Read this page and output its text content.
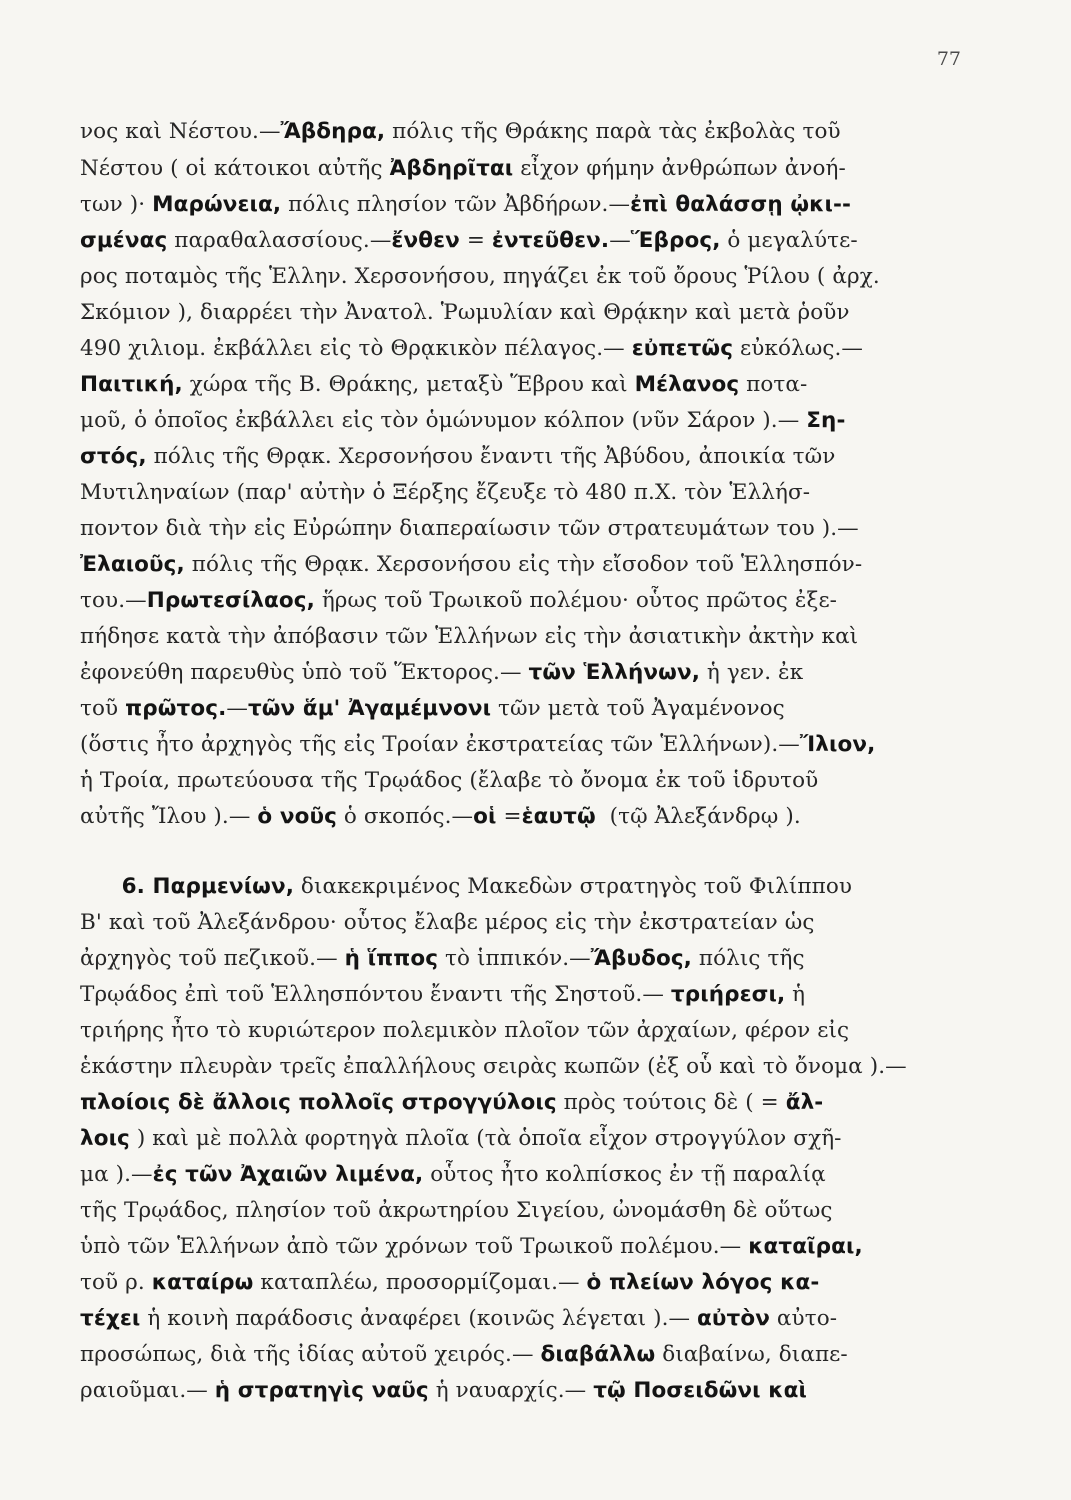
77
νος καὶ Νέστου.—Ἄβδηρα, πόλις τῆς Θράκης παρὰ τὰς ἐκβολὰς τοῦ
Νέστου ( οἱ κάτοικοι αὐτῆς Ἀβδηρῖται εἶχον φήμην ἀνθρώπων ἀνοή-
των )· Μαρώνεια, πόλις πλησίον τῶν Ἀβδήρων.—ἐπὶ θαλάσσῃ ᾠκι--
σμένας παραθαλασσίους.—ἔνθεν = ἐντεῦθεν.—Ἕβρος, ὁ μεγαλύτε-
ρος ποταμὸς τῆς Ἑλλην. Χερσονήσου, πηγάζει ἐκ τοῦ ὄρους Ῥίλου ( ἀρχ.
Σκόμιον ), διαρρέει τὴν Ἀνατολ. Ῥωμυλίαν καὶ Θρᾴκην καὶ μετὰ ῥοῦν
490 χιλιομ. ἐκβάλλει εἰς τὸ Θρᾳκικὸν πέλαγος.— εὐπετῶς εὐκόλως.—
Παιτική, χώρα τῆς Β. Θράκης, μεταξὺ Ἕβρου καὶ Μέλανος ποτα-
μοῦ, ὁ ὁποῖος ἐκβάλλει εἰς τὸν ὁμώνυμον κόλπον (νῦν Σάρον ).— Ση-
στός, πόλις τῆς Θρᾳκ. Χερσονήσου ἔναντι τῆς Ἀβύδου, ἀποικία τῶν
Μυτιληναίων (παρ' αὐτὴν ὁ Ξέρξης ἔζευξε τὸ 480 π.Χ. τὸν Ἑλλήσ-
ποντον διὰ τὴν εἰς Εὐρώπην διαπεραίωσιν τῶν στρατευμάτων του ).—
Ἐλαιοῦς, πόλις τῆς Θρᾳκ. Χερσονήσου εἰς τὴν εἴσοδον τοῦ Ἑλλησπόν-
του.—Πρωτεσίλαος, ἥρως τοῦ Τρωικοῦ πολέμου· οὗτος πρῶτος ἐξε-
πήδησε κατὰ τὴν ἀπόβασιν τῶν Ἑλλήνων εἰς τὴν ἀσιατικὴν ἀκτὴν καὶ
ἐφονεύθη παρευθὺς ὑπὸ τοῦ Ἕκτορος.— τῶν Ἑλλήνων, ἡ γεν. ἐκ
τοῦ πρῶτος.—τῶν ἅμ' Ἀγαμέμνονι τῶν μετὰ τοῦ Ἀγαμένονος
(ὅστις ἦτο ἀρχηγὸς τῆς εἰς Τροίαν ἐκστρατείας τῶν Ἑλλήνων).—Ἴλιον,
ἡ Τροία, πρωτεύουσα τῆς Τρῳάδος (ἔλαβε τὸ ὄνομα ἐκ τοῦ ἱδρυτοῦ
αὐτῆς Ἴλου ).— ὁ νοῦς ὁ σκοπός.—οἱ =ἑαυτῷ  (τῷ Ἀλεξάνδρῳ ).
6. Παρμενίων, διακεκριμένος Μακεδὼν στρατηγὸς τοῦ Φιλίππου
Β' καὶ τοῦ Ἀλεξάνδρου· οὗτος ἔλαβε μέρος εἰς τὴν ἐκστρατείαν ὡς
ἀρχηγὸς τοῦ πεζικοῦ.— ἡ ἵππος τὸ ἱππικόν.—Ἄβυδος, πόλις τῆς
Τρῳάδος ἐπὶ τοῦ Ἑλλησπόντου ἔναντι τῆς Σηστοῦ.— τριήρεσι, ἡ
τριήρης ἦτο τὸ κυριώτερον πολεμικὸν πλοῖον τῶν ἀρχαίων, φέρον εἰς
ἑκάστην πλευρὰν τρεῖς ἐπαλλήλους σειρὰς κωπῶν (ἐξ οὗ καὶ τὸ ὄνομα ).—
πλοίοις δὲ ἄλλοις πολλοῖς στρογγύλοις πρὸς τούτοις δὲ ( = ἄλ-
λοις ) καὶ μὲ πολλὰ φορτηγὰ πλοῖα (τὰ ὁποῖα εἶχον στρογγύλον σχῆ-
μα ).—ἐς τῶν Ἀχαιῶν λιμένα, οὗτος ἦτο κολπίσκος ἐν τῇ παραλίᾳ
τῆς Τρῳάδος, πλησίον τοῦ ἀκρωτηρίου Σιγείου, ὠνομάσθη δὲ οὕτως
ὑπὸ τῶν Ἑλλήνων ἀπὸ τῶν χρόνων τοῦ Τρωικοῦ πολέμου.— καταῖραι,
τοῦ ρ. καταίρω καταπλέω, προσορμίζομαι.— ὁ πλείων λόγος κα-
τέχει ἡ κοινὴ παράδοσις ἀναφέρει (κοινῶς λέγεται ).— αὐτὸν αὐτο-
προσώπως, διὰ τῆς ἰδίας αὐτοῦ χειρός.— διαβάλλω διαβαίνω, διαπε-
ραιοῦμαι.— ἡ στρατηγὶς ναῦς ἡ ναυαρχίς.— τῷ Ποσειδῶνι καὶ
